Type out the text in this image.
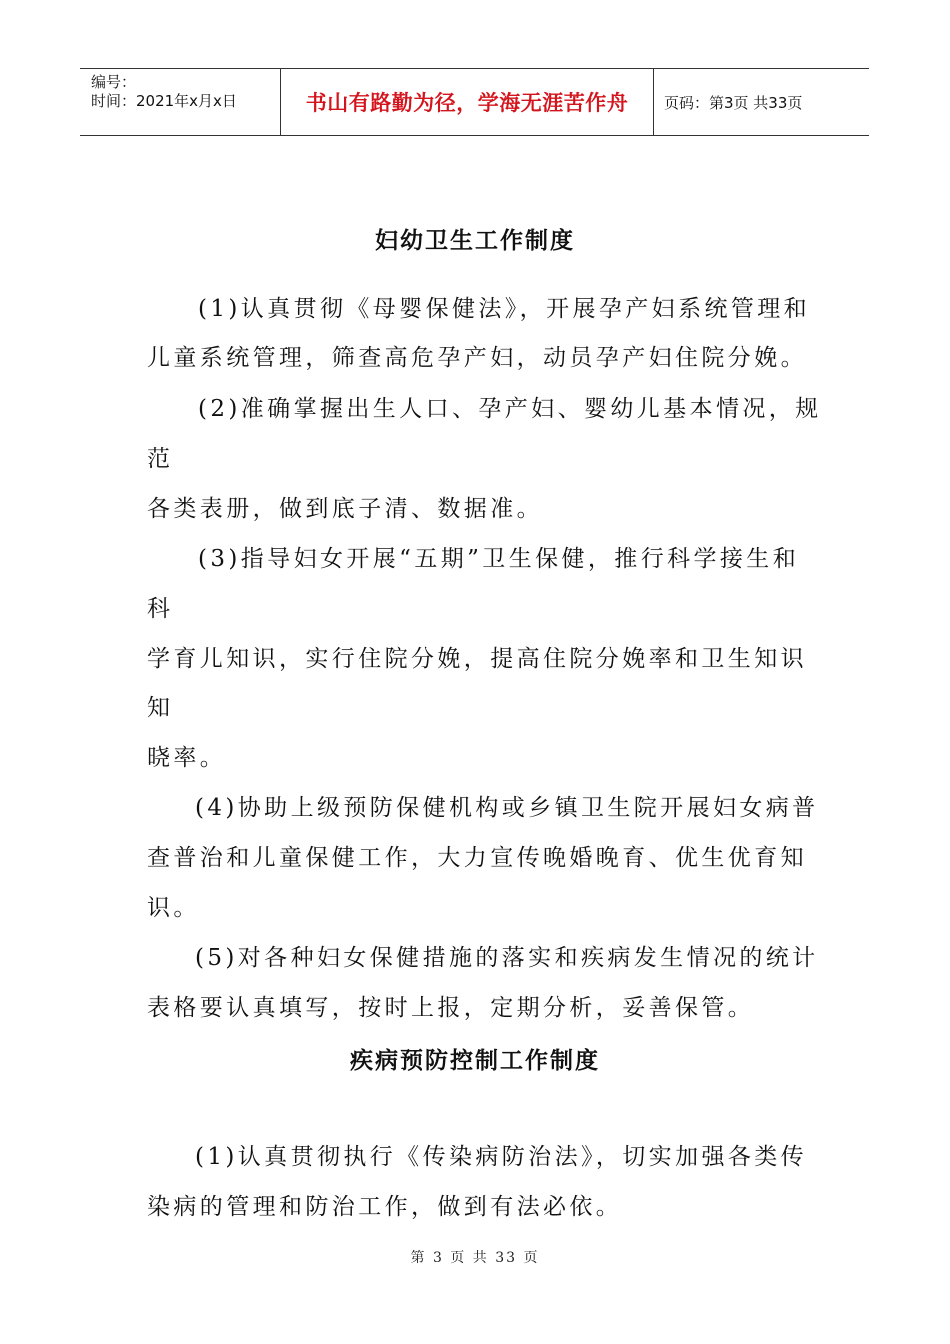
编号：
时间：2021年x月x日	书山有路勤为径，学海无涯苦作舟	页码：第3页 共33页
妇幼卫生工作制度

(1)认真贯彻《母婴保健法》，开展孕产妇系统管理和

儿童系统管理，筛查高危孕产妇，动员孕产妇住院分娩。

(2)准确掌握出生人口、孕产妇、婴幼儿基本情况，规

范

各类表册，做到底子清、数据准。

(3)指导妇女开展“五期”卫生保健，推行科学接生和

科

学育儿知识，实行住院分娩，提高住院分娩率和卫生知识

知

晓率。

(4)协助上级预防保健机构或乡镇卫生院开展妇女病普

查普治和儿童保健工作，大力宣传晚婚晚育、优生优育知

识。

(5)对各种妇女保健措施的落实和疾病发生情况的统计

表格要认真填写，按时上报，定期分析，妥善保管。

疾病预防控制工作制度

(1)认真贯彻执行《传染病防治法》，切实加强各类传

染病的管理和防治工作，做到有法必依。

第 3 页 共 33 页
